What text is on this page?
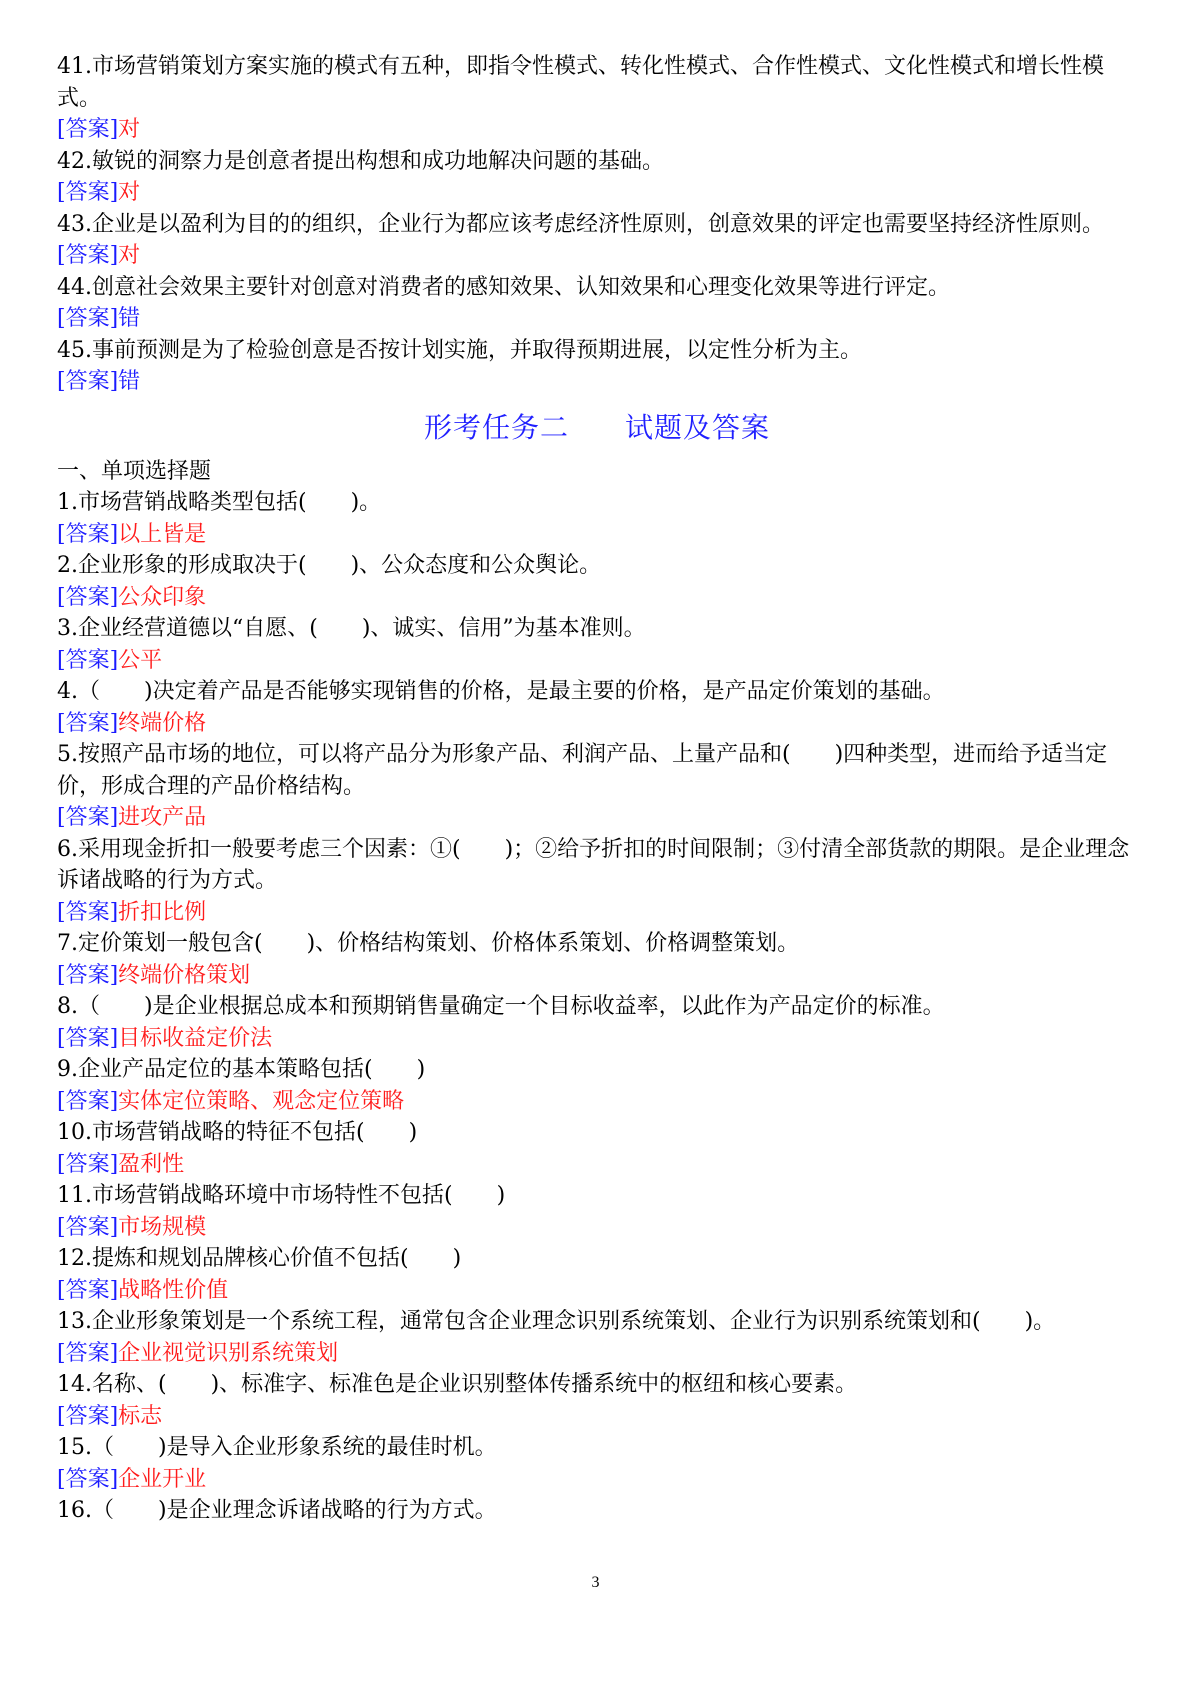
41.市场营销策划方案实施的模式有五种，即指令性模式、转化性模式、合作性模式、文化性模式和增长性模式。
[答案]对
42.敏锐的洞察力是创意者提出构想和成功地解决问题的基础。
[答案]对
43.企业是以盈利为目的的组织，企业行为都应该考虑经济性原则，创意效果的评定也需要坚持经济性原则。
[答案]对
44.创意社会效果主要针对创意对消费者的感知效果、认知效果和心理变化效果等进行评定。
[答案]错
45.事前预测是为了检验创意是否按计划实施，并取得预期进展，以定性分析为主。
[答案]错
形考任务二 试题及答案
一、单项选择题
1.市场营销战略类型包括(　　)。
[答案]以上皆是
2.企业形象的形成取决于(　　)、公众态度和公众舆论。
[答案]公众印象
3.企业经营道德以“自愿、(　　)、诚实、信用”为基本准则。
[答案]公平
4.（　　)决定着产品是否能够实现销售的价格，是最主要的价格，是产品定价策划的基础。
[答案]终端价格
5.按照产品市场的地位，可以将产品分为形象产品、利润产品、上量产品和(　　)四种类型，进而给予适当定价，形成合理的产品价格结构。
[答案]进攻产品
6.采用现金折扣一般要考虑三个因素：①(　　)；②给予折扣的时间限制；③付清全部货款的期限。是企业理念诉诸战略的行为方式。
[答案]折扣比例
7.定价策划一般包含(　　)、价格结构策划、价格体系策划、价格调整策划。
[答案]终端价格策划
8.（　　)是企业根据总成本和预期销售量确定一个目标收益率，以此作为产品定价的标准。
[答案]目标收益定价法
9.企业产品定位的基本策略包括(　　)
[答案]实体定位策略、观念定位策略
10.市场营销战略的特征不包括(　　)
[答案]盈利性
11.市场营销战略环境中市场特性不包括(　　)
[答案]市场规模
12.提炼和规划品牌核心价值不包括(　　)
[答案]战略性价值
13.企业形象策划是一个系统工程，通常包含企业理念识别系统策划、企业行为识别系统策划和(　　)。
[答案]企业视觉识别系统策划
14.名称、(　　)、标准字、标准色是企业识别整体传播系统中的枢纽和核心要素。
[答案]标志
15.（　　)是导入企业形象系统的最佳时机。
[答案]企业开业
16.（　　)是企业理念诉诸战略的行为方式。
3
